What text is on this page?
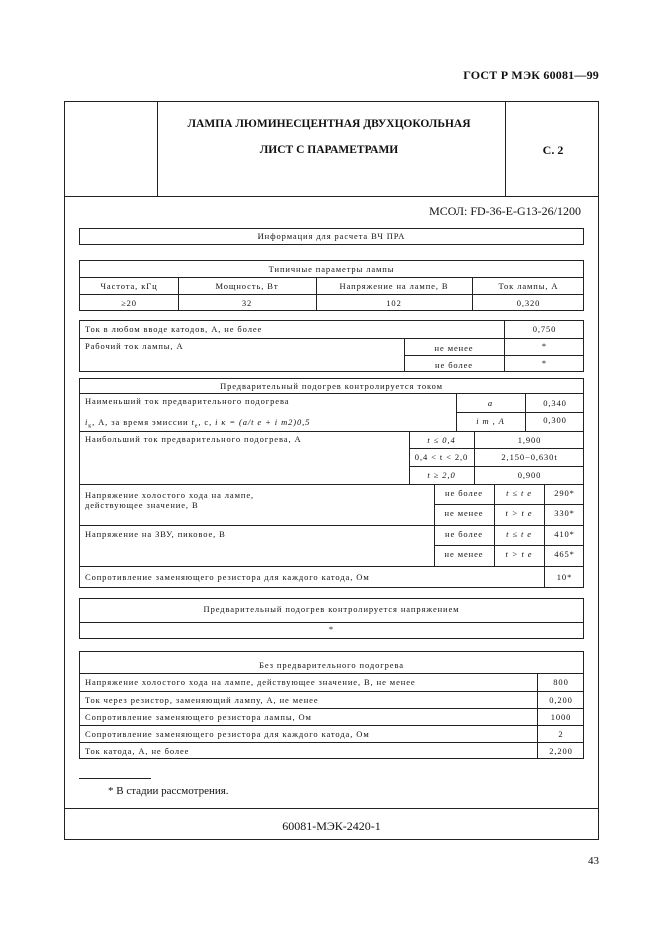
ГОСТ Р МЭК 60081—99
ЛАМПА ЛЮМИНЕСЦЕНТНАЯ ДВУХЦОКОЛЬНАЯ
ЛИСТ С ПАРАМЕТРАМИ	С. 2
МСОЛ: FD-36-E-G13-26/1200
Информация для расчета ВЧ ПРА
Типичные параметры лампы
Частота, кГц	Мощность, Вт	Напряжение на лампе, В	Ток лампы, А
≥20	32	102	0,320
Ток в любом вводе катодов, А, не более	0,750
Рабочий ток лампы, А	не менее	*
не более	*
Предварительный подогрев контролируется током
Наименьший ток предварительного подогрева
$i_к$, А, за время эмиссии $t_е$, с, i к = (a/t e + i m2)0,5
a	0,340
i m , А	0,300
Наибольший ток предварительного подогрева, А	t ≤ 0,4	1,900
0,4 < t < 2,0	2,150−0,630t
t ≥ 2,0	0,900
Напряжение холостого хода на лампе,
действующее значение, В
не более	t ≤ t e	290*
не менее	t > t e	330*
Напряжение на ЗВУ, пиковое, В	не более	t ≤ t e	410*
не менее	t > t e	465*
Сопротивление заменяющего резистора для каждого катода, Ом	10*
Предварительный подогрев контролируется напряжением
*
Без предварительного подогрева
Напряжение холостого хода на лампе, действующее значение, В, не менее	800
Ток через резистор, заменяющий лампу, А, не менее	0,200
Сопротивление заменяющего резистора лампы, Ом	1000
Сопротивление заменяющего резистора для каждого катода, Ом	2
Ток катода, А, не более	2,200
* В стадии рассмотрения.
60081-МЭК-2420-1
43
